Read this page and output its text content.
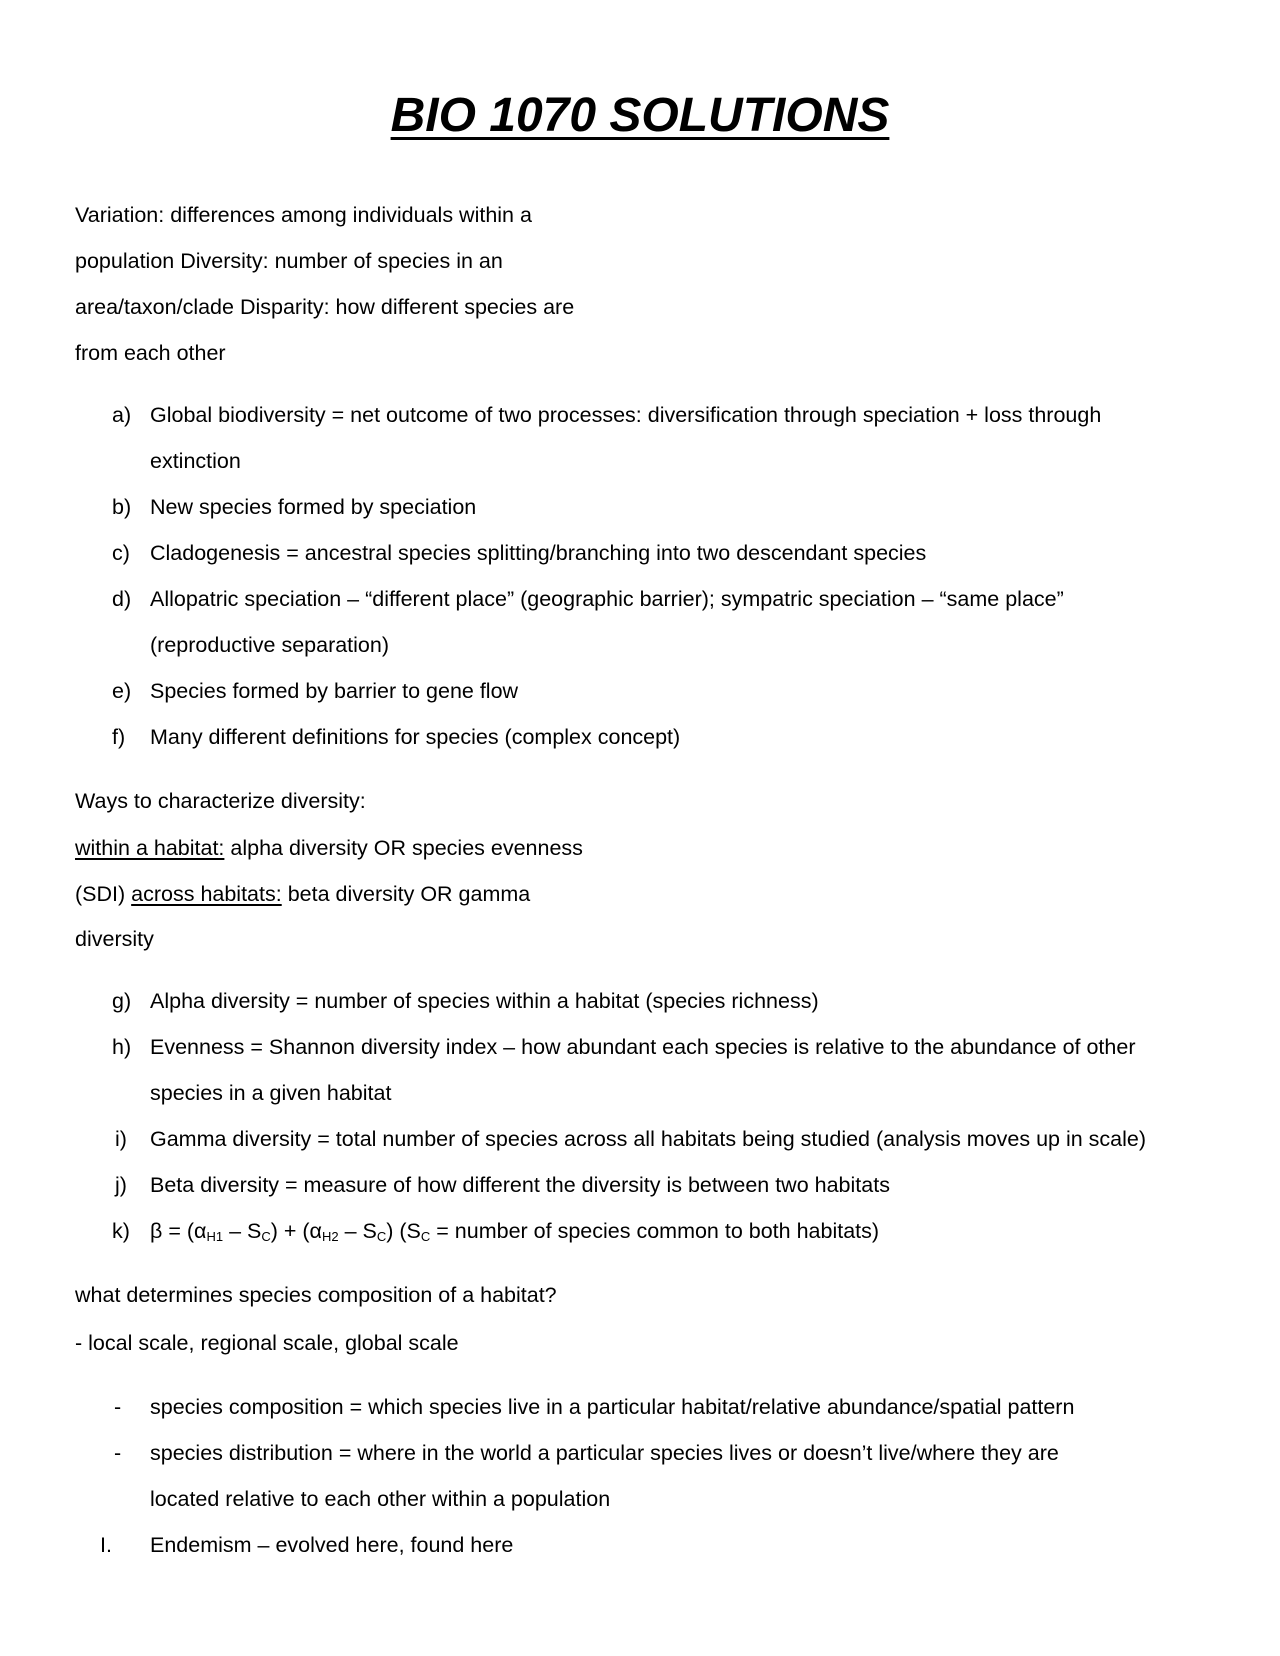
BIO 1070 SOLUTIONS
Variation: differences among individuals within a
population Diversity: number of species in an
area/taxon/clade Disparity: how different species are
from each other
a) Global biodiversity = net outcome of two processes: diversification through speciation + loss through
extinction
b) New species formed by speciation
c) Cladogenesis = ancestral species splitting/branching into two descendant species
d) Allopatric speciation – “different place” (geographic barrier); sympatric speciation – “same place”
(reproductive separation)
e) Species formed by barrier to gene flow
f) Many different definitions for species (complex concept)
Ways to characterize diversity:
within a habitat: alpha diversity OR species evenness
(SDI) across habitats: beta diversity OR gamma
diversity
g) Alpha diversity = number of species within a habitat (species richness)
h) Evenness = Shannon diversity index – how abundant each species is relative to the abundance of other
species in a given habitat
i) Gamma diversity = total number of species across all habitats being studied (analysis moves up in scale)
j) Beta diversity = measure of how different the diversity is between two habitats
k) $\beta = (\alpha_{H1} - S_C) + (\alpha_{H2} - S_C) (S_C$ = number of species common to both habitats)
what determines species composition of a habitat?
- local scale, regional scale, global scale
- species composition = which species live in a particular habitat/relative abundance/spatial pattern
- species distribution = where in the world a particular species lives or doesn’t live/where they are
located relative to each other within a population
I. Endemism – evolved here, found here
